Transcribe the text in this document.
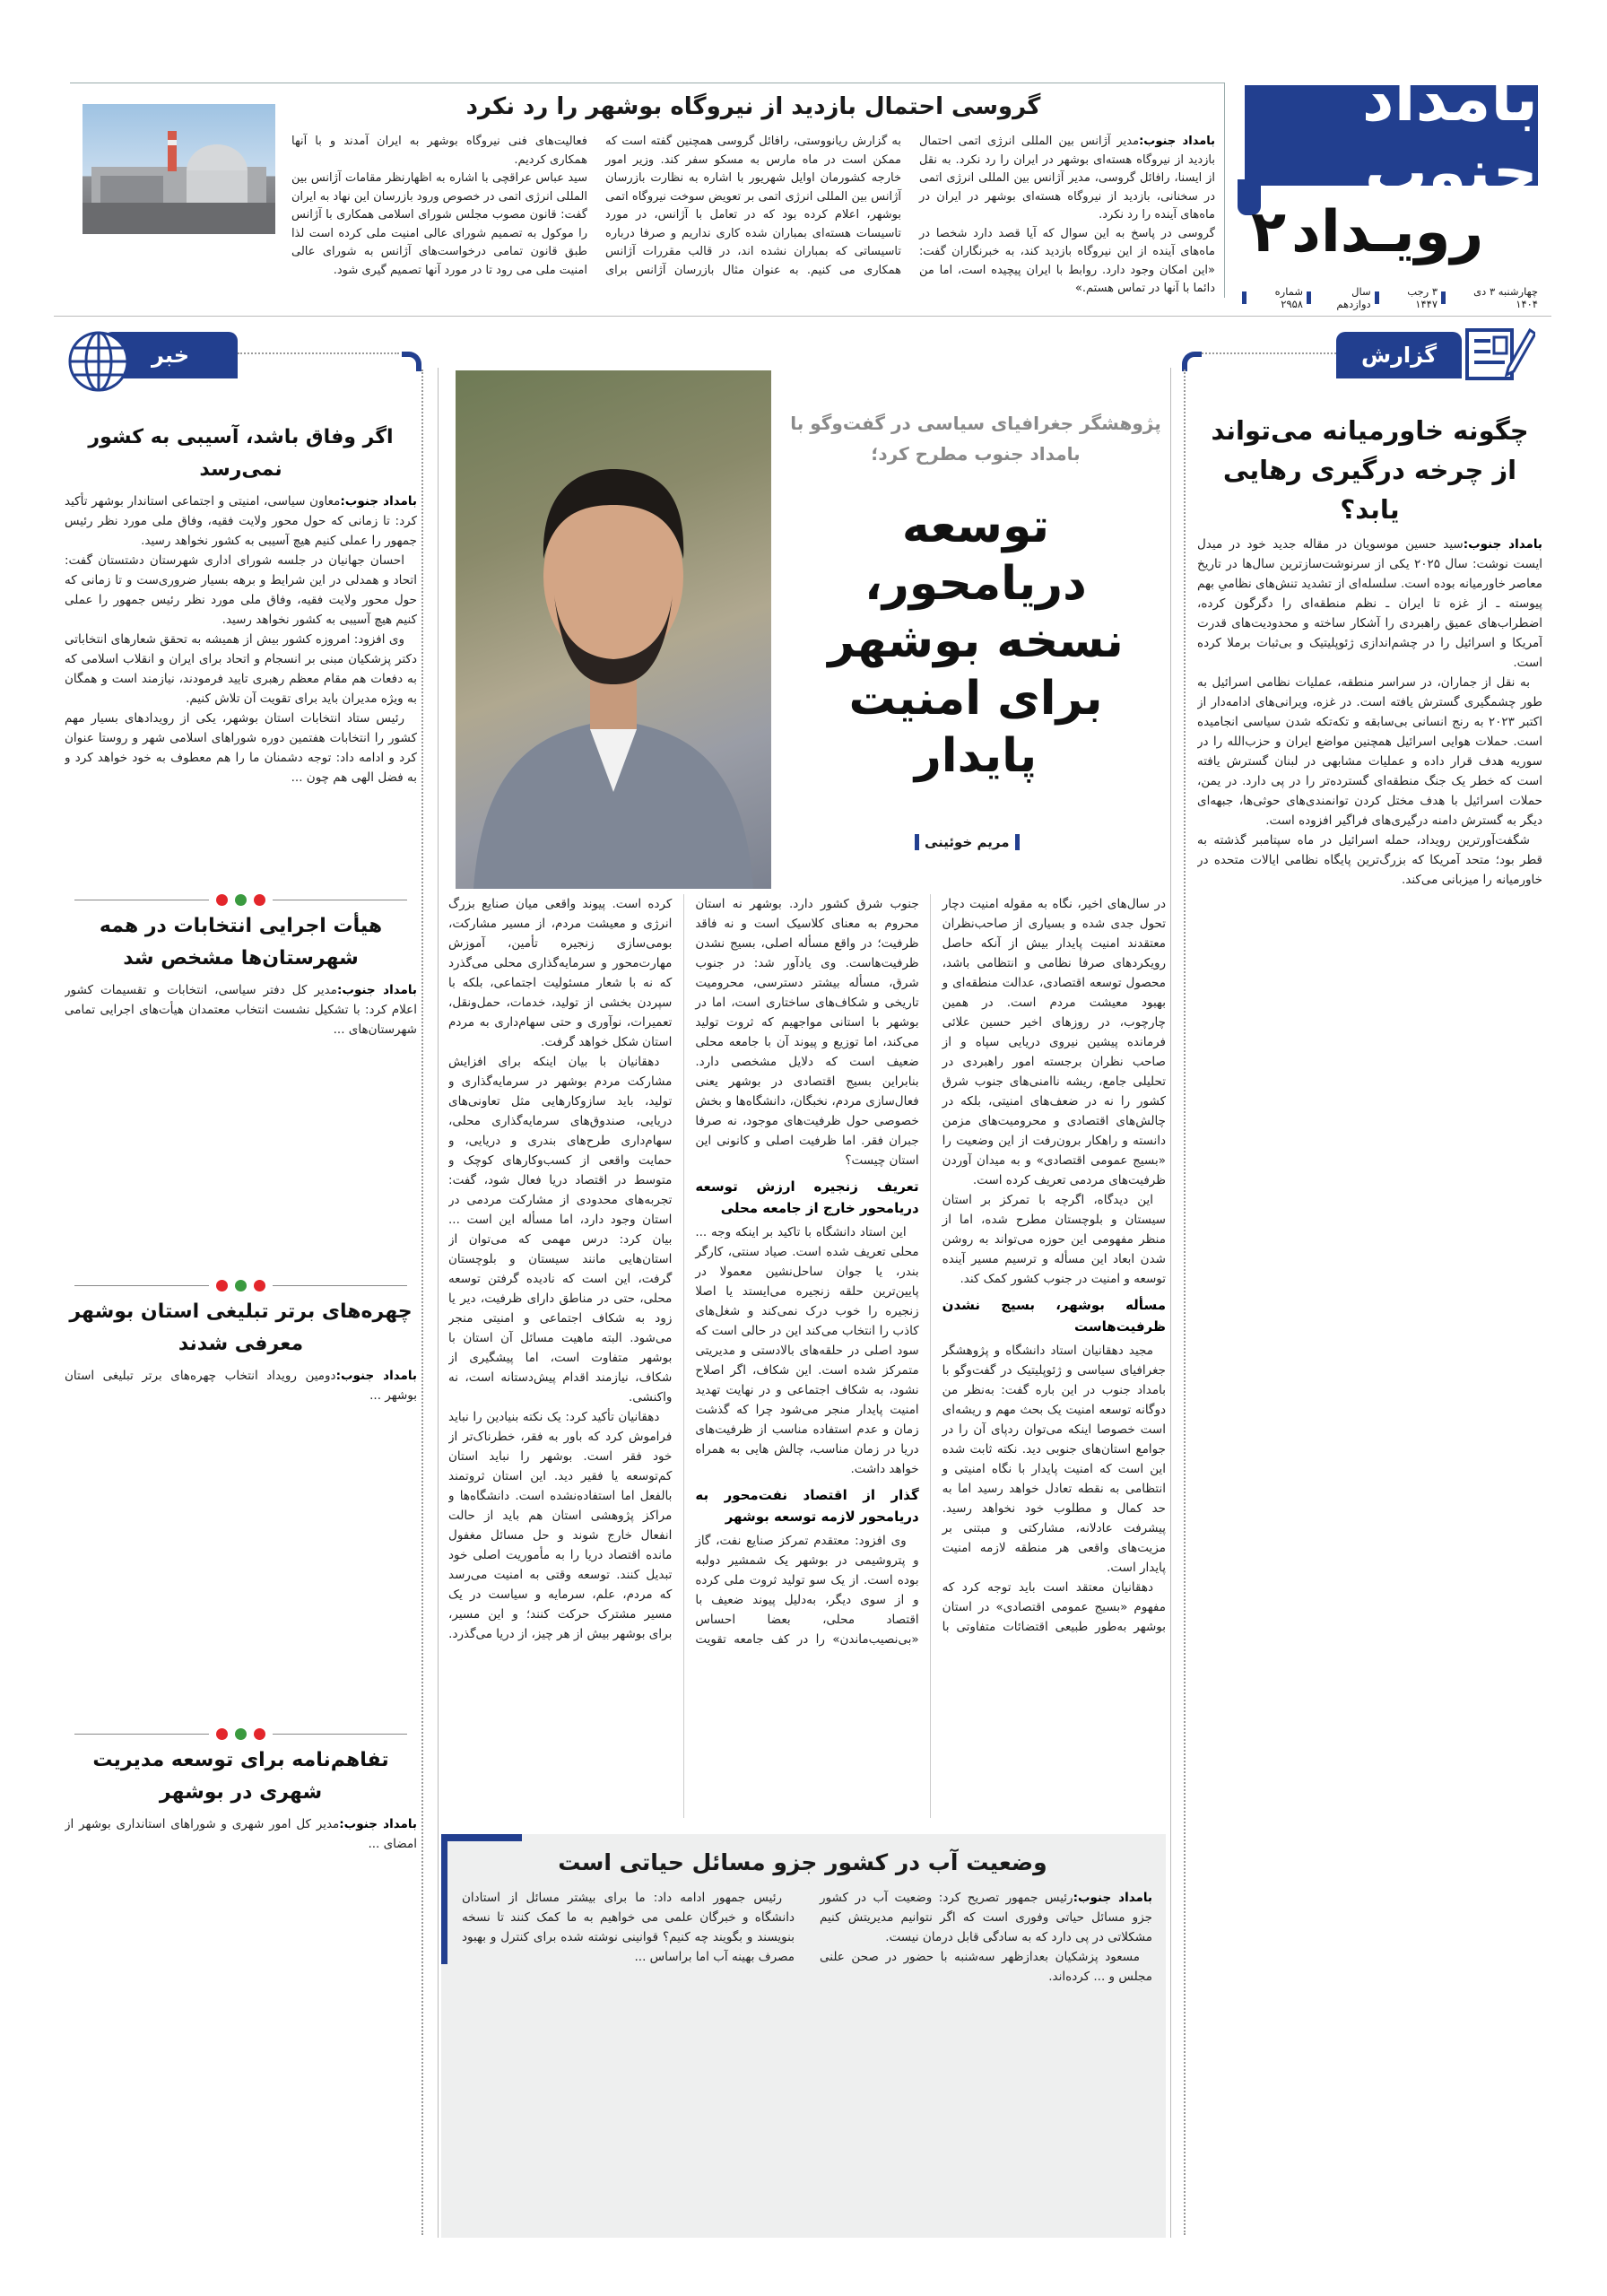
بامداد جنوب
رویـداد
۲
چهارشنبه ۳ دی ۱۴۰۴
۳ رجب ۱۴۴۷
سال دوازدهم
شماره ۲۹۵۸
گروسی احتمال بازدید از نیروگاه بوشهر را رد نکرد

بامداد جنوب:مدیر آژانس بین المللی انرژی اتمی احتمال بازدید از نیروگاه هسته‌ای بوشهر در ایران را رد نکرد. به نقل از ایسنا، رافائل گروسی، مدیر آژانس بین المللی انرژی اتمی در سخنانی، بازدید از نیروگاه هسته‌ای بوشهر در ایران در ماه‌های آینده را رد نکرد.

گروسی در پاسخ به این سوال که آیا قصد دارد شخصا در ماه‌های آینده از این نیروگاه بازدید کند، به خبرنگاران گفت: «این امکان وجود دارد. روابط با ایران پیچیده است، اما من دائما با آنها در تماس هستم.»

به گزارش ریانووستی، رافائل گروسی همچنین گفته است که ممکن است در ماه مارس به مسکو سفر کند. وزیر امور خارجه کشورمان اوایل شهریور با اشاره به نظارت بازرسان آژانس بین المللی انرژی اتمی بر تعویض سوخت نیروگاه اتمی بوشهر، اعلام کرده بود که در تعامل با آژانس، در مورد تاسیسات هسته‌ای بمباران شده کاری نداریم و صرفا درباره تاسیساتی که بمباران نشده اند، در قالب مقررات آژانس همکاری می کنیم. به عنوان مثال بازرسان آژانس برای فعالیت‌های فنی نیروگاه بوشهر به ایران آمدند و با آنها همکاری کردیم.

سید عباس عراقچی با اشاره به اظهارنظر مقامات آژانس بین المللی انرژی اتمی در خصوص ورود بازرسان این نهاد به ایران گفت: قانون مصوب مجلس شورای اسلامی همکاری با آژانس را موکول به تصمیم شورای عالی امنیت ملی کرده است لذا طبق قانون تمامی درخواست‌های آژانس به شورای عالی امنیت ملی می رود تا در مورد آنها تصمیم گیری شود.

گزارش
چگونه خاورمیانه می‌تواند از چرخه درگیری رهایی یابد؟

بامداد جنوب:سید حسین موسویان در مقاله جدید خود در میدل ایست نوشت: سال ۲۰۲۵ یکی از سرنوشت‌سازترین سال‌ها در تاریخ معاصر خاورمیانه بوده است. سلسله‌ای از تشدید تنش‌های نظامیِ بهم پیوسته ـ از غزه تا ایران ـ نظم منطقه‌ای را دگرگون کرده، اضطراب‌های عمیق راهبردی را آشکار ساخته و محدودیت‌های قدرت آمریکا و اسرائیل را در چشم‌اندازی ژئوپلیتیک و بی‌ثبات برملا کرده است.

به نقل از جماران، در سراسر منطقه، عملیات نظامی اسرائیل به طور چشمگیری گسترش یافته است. در غزه، ویرانی‌های ادامه‌دار از اکتبر ۲۰۲۳ به رنج انسانی بی‌سابقه و تکه‌تکه شدن سیاسی انجامیده است. حملات هوایی اسرائیل همچنین مواضع ایران و حزب‌الله را در سوریه هدف قرار داده و عملیات مشابهی در لبنان گسترش یافته است که خطر یک جنگ منطقه‌ای گسترده‌تر را در پی دارد. در یمن، حملات اسرائیل با هدف مختل کردن توانمندی‌های حوثی‌ها، جبهه‌ای دیگر به گسترش دامنه درگیری‌های فراگیر افزوده است.

شگفت‌آورترین رویداد، حمله اسرائیل در ماه سپتامبر گذشته به قطر بود؛ متحد آمریکا که بزرگ‌ترین پایگاه نظامی ایالات متحده در خاورمیانه را میزبانی می‌کند.

پژوهشگر جغرافیای سیاسی در گفت‌وگو با بامداد جنوب مطرح کرد؛
توسعه
دریامحور،
نسخه بوشهر
برای امنیت
پایدار
مریم خوئینی

در سال‌های اخیر، نگاه به مقوله امنیت دچار تحول جدی شده و بسیاری از صاحب‌نظران معتقدند امنیت پایدار بیش از آنکه حاصل رویکردهای صرفا نظامی و انتظامی باشد، محصول توسعه اقتصادی، عدالت منطقه‌ای و بهبود معیشت مردم است. در همین چارچوب، در روزهای اخیر حسین علائی فرمانده پیشین نیروی دریایی سپاه و از صاحب نظران برجسته امور راهبردی در تحلیلی جامع، ریشه ناامنی‌های جنوب شرق کشور را نه در ضعف‌های امنیتی، بلکه در چالش‌های اقتصادی و محرومیت‌های مزمن دانسته و راهکار برون‌رفت از این وضعیت را «بسیج عمومی اقتصادی» و به میدان آوردن ظرفیت‌های مردمی تعریف کرده است.

این دیدگاه، اگرچه با تمرکز بر استان سیستان و بلوچستان مطرح شده، اما از منظر مفهومی این حوزه می‌تواند به روشن شدن ابعاد این مسأله و ترسیم مسیر آینده توسعه و امنیت در جنوب کشور کمک کند.

مسأله بوشهر، بسیج نشدن ظرفیت‌هاست

مجید دهقانیان استاد دانشگاه و پژوهشگر جغرافیای سیاسی و ژئوپلیتیک در گفت‌وگو با بامداد جنوب در این باره گفت: به‌نظر من دوگانه توسعه امنیت یک بحث مهم و ریشه‌ای است خصوصا اینکه می‌توان ردپای آن را در جوامع استان‌های جنوبی دید. نکته ثابت شده این است که امنیت پایدار با نگاه امنیتی و انتظامی به نقطه تعادل خواهد رسید اما به حد کمال و مطلوب خود نخواهد رسید. پیشرفت عادلانه، مشارکتی و مبتنی بر مزیت‌های واقعی هر منطقه لازمه امنیت پایدار است.

دهقانیان معتقد است باید توجه کرد که مفهوم «بسیج عمومی اقتصادی» در استان بوشهر به‌طور طبیعی اقتضائات متفاوتی با جنوب شرق کشور دارد. بوشهر نه استان محروم به معنای کلاسیک است و نه فاقد ظرفیت؛ در واقع مسأله اصلی، بسیج نشدن ظرفیت‌هاست. وی یادآور شد: در جنوب شرق، مسأله بیشتر دسترسی، محرومیت تاریخی و شکاف‌های ساختاری است، اما در بوشهر با استانی مواجهیم که ثروت تولید می‌کند، اما توزیع و پیوند آن با جامعه محلی ضعیف است که دلایل مشخصی دارد. بنابراین بسیج اقتصادی در بوشهر یعنی فعال‌سازی مردم، نخبگان، دانشگاه‌ها و بخش خصوصی حول ظرفیت‌های موجود، نه صرفا جبران فقر. اما ظرفیت اصلی و کانونی این استان چیست؟

تعریف زنجیره ارزش توسعه دریامحور خارج از جامعه محلی

این استاد دانشگاه با تاکید بر اینکه وجه ... محلی تعریف شده است. صیاد سنتی، کارگر بندر، یا جوان ساحل‌نشین معمولا در پایین‌ترین حلقه زنجیره می‌ایستد یا اصلا زنجیره را خوب درک نمی‌کند و شغل‌های کاذب را انتخاب می‌کند این در حالی است که سود اصلی در حلقه‌های بالادستی و مدیریتی متمرکز شده است. این شکاف، اگر اصلاح نشود، به شکاف اجتماعی و در نهایت تهدید امنیت پایدار منجر می‌شود چرا که گذشت زمان و عدم استفاده مناسب از ظرفیت‌های دریا در زمان مناسب، چالش هایی به همراه خواهد داشت.

گذار از اقتصاد نفت‌محور به دریامحور لازمه توسعه بوشهر

وی افزود: معتقدم تمرکز صنایع نفت، گاز و پتروشیمی در بوشهر یک شمشیر دولبه بوده است. از یک سو تولید ثروت ملی کرده و از سوی دیگر، به‌دلیل پیوند ضعیف با اقتصاد محلی، بعضا احساس «بی‌نصیب‌ماندن» را در کف جامعه تقویت کرده است. پیوند واقعی میان صنایع بزرگ انرژی و معیشت مردم، از مسیر مشارکت، بومی‌سازی زنجیره تأمین، آموزش مهارت‌محور و سرمایه‌گذاری محلی می‌گذرد که نه با شعار مسئولیت اجتماعی، بلکه با سپردن بخشی از تولید، خدمات، حمل‌ونقل، تعمیرات، نوآوری و حتی سهام‌داری به مردم استان شکل خواهد گرفت.

دهقانیان با بیان اینکه برای افزایش مشارکت مردم بوشهر در سرمایه‌گذاری و تولید، باید سازوکارهایی مثل تعاونی‌های دریایی، صندوق‌های سرمایه‌گذاری محلی، سهام‌داری طرح‌های بندری و دریایی، و حمایت واقعی از کسب‌وکارهای کوچک و متوسط در اقتصاد دریا فعال شود، گفت: تجربه‌های محدودی از مشارکت مردمی در استان وجود دارد، اما مسأله این است ... بیان کرد: درس مهمی که می‌توان از استان‌هایی مانند سیستان و بلوچستان گرفت، این است که نادیده گرفتن توسعه محلی، حتی در مناطق دارای ظرفیت، دیر یا زود به شکاف اجتماعی و امنیتی منجر می‌شود. البته ماهیت مسائل آن استان با بوشهر متفاوت است، اما پیشگیری از شکاف، نیازمند اقدام پیش‌دستانه است، نه واکنشی.

دهقانیان تأکید کرد: یک نکته بنیادین را نباید فراموش کرد که باور به فقر، خطرناک‌تر از خود فقر است. بوشهر را نباید استان کم‌توسعه یا فقیر دید. این استان ثروتمند بالفعل اما استفاده‌نشده است. دانشگاه‌ها و مراکز پژوهشی استان هم باید از حالت انفعال خارج شوند و حل مسائل مغفول مانده اقتصاد دریا را به مأموریت اصلی خود تبدیل کنند. توسعه وقتی به امنیت می‌رسد که مردم، علم، سرمایه و سیاست در یک مسیر مشترک حرکت کنند؛ و این مسیر، برای بوشهر بیش از هر چیز، از دریا می‌گذرد.

وضعیت آب در کشور جزو مسائل حیاتی است

بامداد جنوب:رئیس جمهور تصریح کرد: وضعیت آب در کشور جزو مسائل حیاتی وفوری است که اگر نتوانیم مدیریتش کنیم مشکلاتی در پی دارد که به سادگی قابل درمان نیست.

مسعود پزشکیان بعدازظهر سه‌شنبه با حضور در صحن علنی مجلس و ... کرده‌اند.

رئیس جمهور ادامه داد: ما برای بیشتر مسائل از استادان دانشگاه و خبرگان علمی می خواهیم به ما کمک کنند تا نسخه بنویسند و بگویند چه کنیم؟ قوانینی نوشته شده برای کنترل و بهبود مصرف بهینه آب اما براساس ...

خبر
اگر وفاق باشد، آسیبی به کشور نمی‌رسد

بامداد جنوب:معاون سیاسی، امنیتی و اجتماعی استاندار بوشهر تأکید کرد: تا زمانی که حول محور ولایت فقیه، وفاق ملی مورد نظر رئیس جمهور را عملی کنیم هیچ آسیبی به کشور نخواهد رسید.

احسان جهانیان در جلسه شورای اداری شهرستان دشتستان گفت: اتحاد و همدلی در این شرایط و برهه بسیار ضروری‌ست و تا زمانی که حول محور ولایت فقیه، وفاق ملی مورد نظر رئیس جمهور را عملی کنیم هیچ آسیبی به کشور نخواهد رسید.

وی افزود: امروزه کشور بیش از همیشه به تحقق شعارهای انتخاباتی دکتر پزشکیان مبنی بر انسجام و اتحاد برای ایران و انقلاب اسلامی که به دفعات هم مقام معظم رهبری تایید فرمودند، نیازمند است و همگان به ویژه مدیران باید برای تقویت آن تلاش کنیم.

رئیس ستاد انتخابات استان بوشهر، یکی از رویدادهای بسیار مهم کشور را انتخابات هفتمین دوره شوراهای اسلامی شهر و روستا عنوان کرد و ادامه داد: توجه دشمنان ما را هم معطوف به خود خواهد کرد و به فضل الهی هم چون ...

هیأت اجرایی انتخابات در همه شهرستان‌ها مشخص شد

بامداد جنوب:مدیر کل دفتر سیاسی، انتخابات و تقسیمات کشور اعلام کرد: با تشکیل نشست انتخاب معتمدان هیأت‌های اجرایی تمامی شهرستان‌های ...

چهره‌های برتر تبلیغی استان بوشهر معرفی شدند

بامداد جنوب:دومین رویداد انتخاب چهره‌های برتر تبلیغی استان بوشهر ...

تفاهم‌نامه برای توسعه مدیریت شهری در بوشهر

بامداد جنوب:مدیر کل امور شهری و شوراهای استانداری بوشهر از امضای ...
